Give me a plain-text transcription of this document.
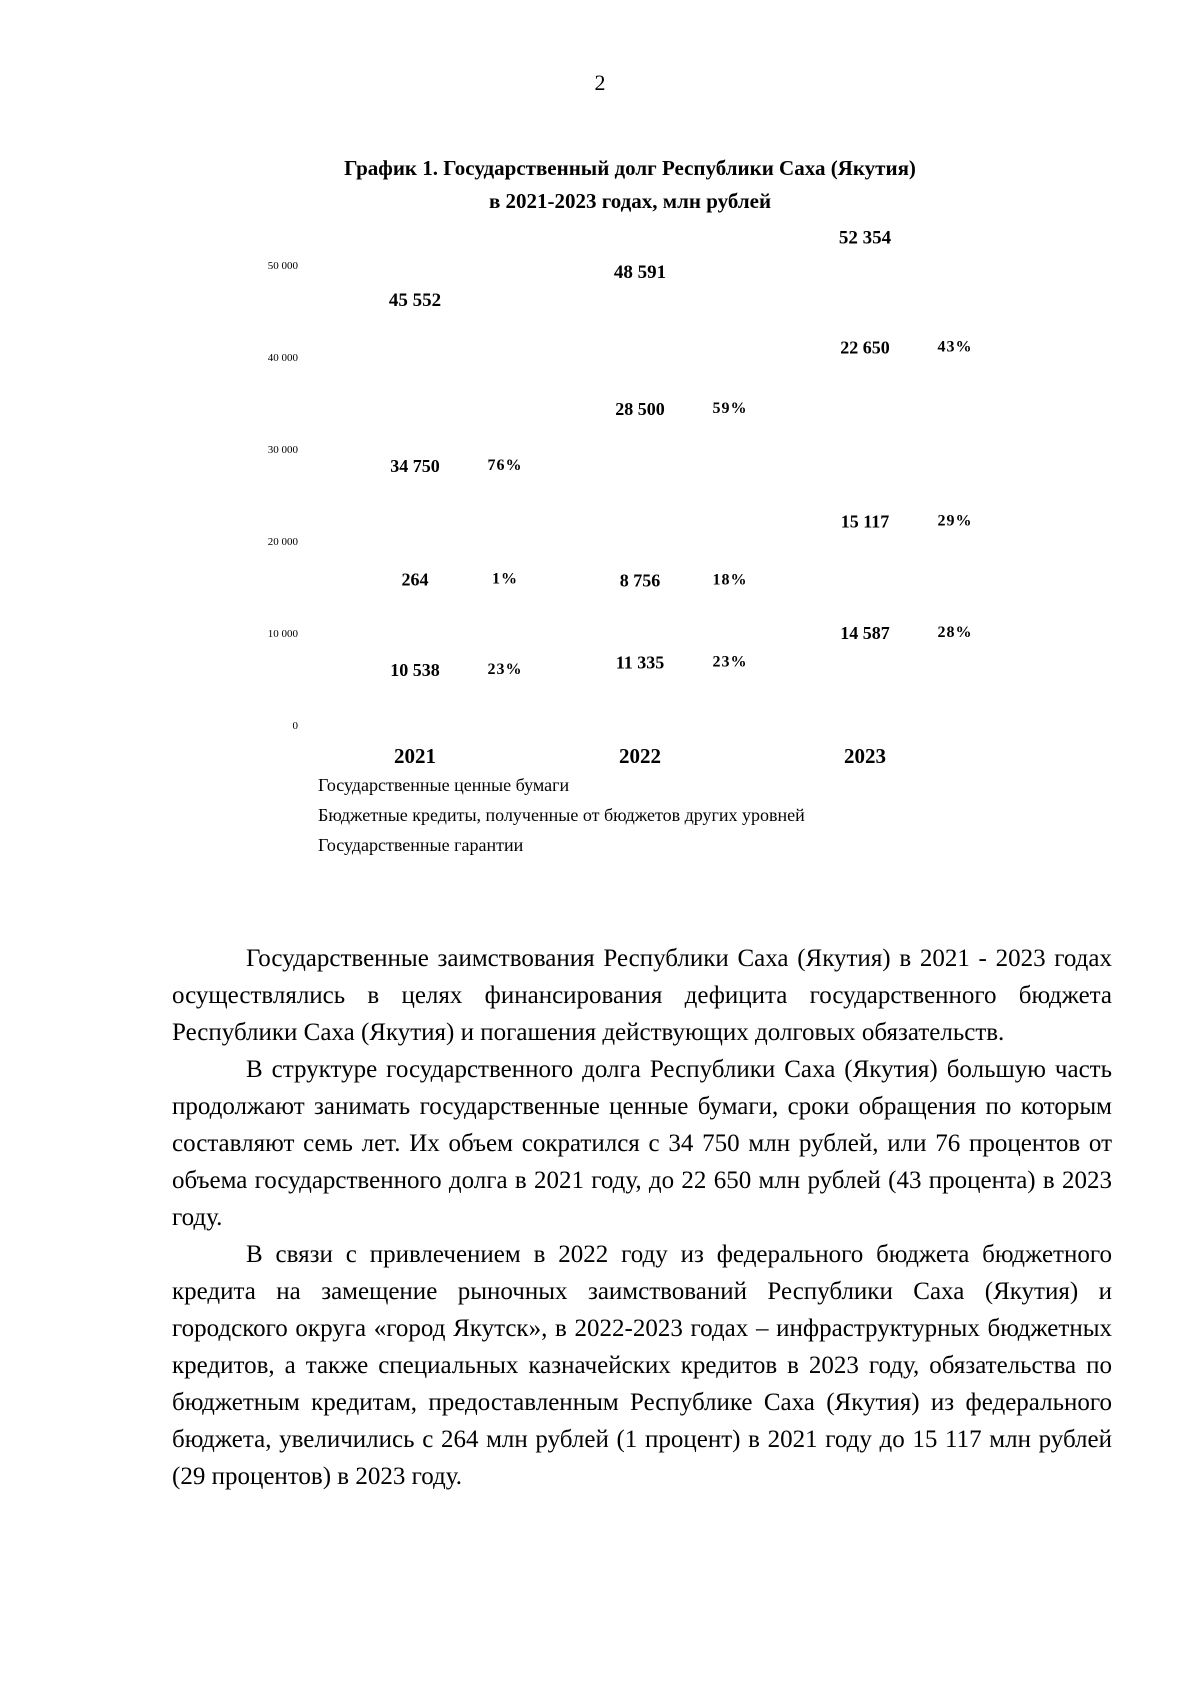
2
График 1. Государственный долг Республики Саха (Якутия)
в 2021-2023 годах, млн рублей
0
10 000
20 000
30 000
40 000
50 000
10 538	23%
264	1%
34 750	76%
45 552
11 335	23%
8 756	18%
28 500	59%
48 591
14 587	28%
15 117	29%
22 650	43%
52 354
2021	2022	2023
Государственные ценные бумаги
Бюджетные кредиты, полученные от бюджетов других уровней
Государственные гарантии

Государственные заимствования Республики Саха (Якутия) в 2021 - 2023 годах осуществлялись в целях финансирования дефицита государственного бюджета Республики Саха (Якутия) и погашения действующих долговых обязательств.

В структуре государственного долга Республики Саха (Якутия) большую часть продолжают занимать государственные ценные бумаги, сроки обращения по которым составляют семь лет. Их объем сократился с 34 750 млн рублей, или 76 процентов от объема государственного долга в 2021 году, до 22 650 млн рублей (43 процента) в 2023 году.

В связи с привлечением в 2022 году из федерального бюджета бюджетного кредита на замещение рыночных заимствований Республики Саха (Якутия) и городского округа «город Якутск», в 2022-2023 годах – инфраструктурных бюджетных кредитов, а также специальных казначейских кредитов в 2023 году, обязательства по бюджетным кредитам, предоставленным Республике Саха (Якутия) из федерального бюджета, увеличились с 264 млн рублей (1 процент) в 2021 году до 15 117 млн рублей (29 процентов) в 2023 году.
